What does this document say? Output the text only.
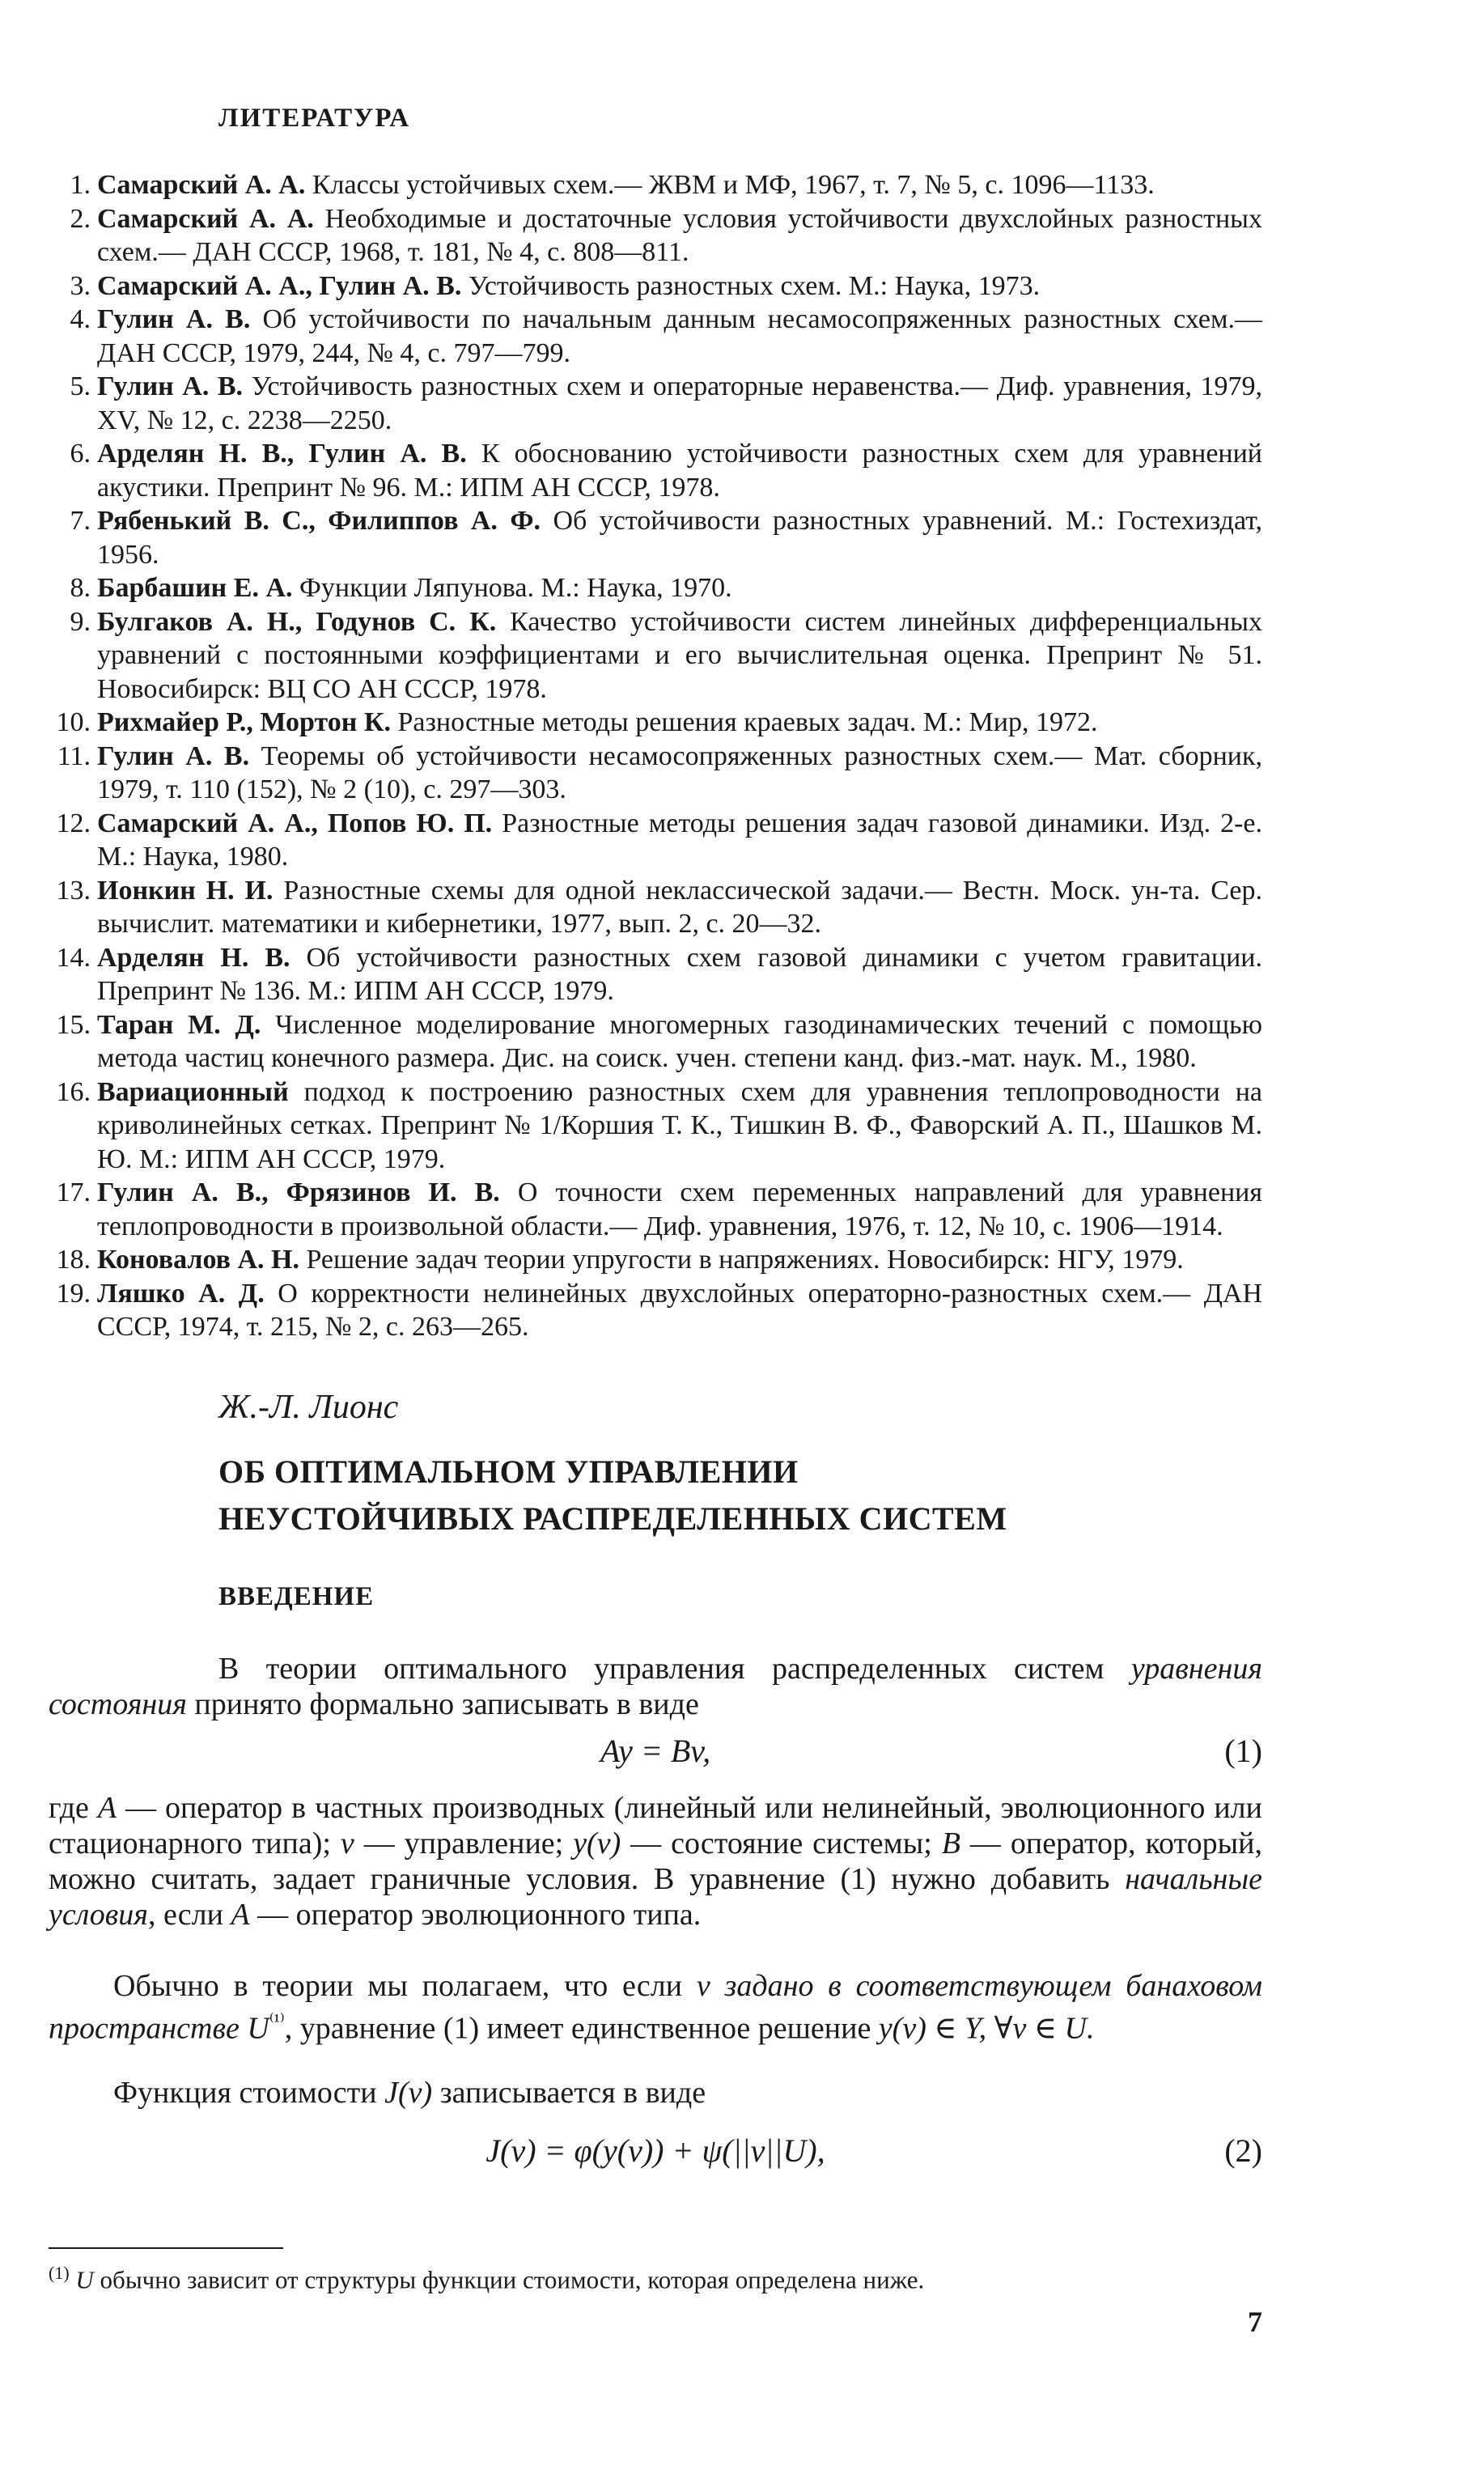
ЛИТЕРАТУРА
1. Самарский А. А. Классы устойчивых схем.— ЖВМ и МФ, 1967, т. 7, № 5, с. 1096—1133.
2. Самарский А. А. Необходимые и достаточные условия устойчивости двухслойных разностных схем.— ДАН СССР, 1968, т. 181, № 4, с. 808—811.
3. Самарский А. А., Гулин А. В. Устойчивость разностных схем. М.: Наука, 1973.
4. Гулин А. В. Об устойчивости по начальным данным несамосопряженных разностных схем.— ДАН СССР, 1979, 244, № 4, с. 797—799.
5. Гулин А. В. Устойчивость разностных схем и операторные неравенства.— Диф. уравнения, 1979, XV, № 12, с. 2238—2250.
6. Арделян Н. В., Гулин А. В. К обоснованию устойчивости разностных схем для уравнений акустики. Препринт № 96. М.: ИПМ АН СССР, 1978.
7. Рябенький В. С., Филиппов А. Ф. Об устойчивости разностных уравнений. М.: Гостехиздат, 1956.
8. Барбашин Е. А. Функции Ляпунова. М.: Наука, 1970.
9. Булгаков А. Н., Годунов С. К. Качество устойчивости систем линейных дифференциальных уравнений с постоянными коэффициентами и его вычислительная оценка. Препринт № 51. Новосибирск: ВЦ СО АН СССР, 1978.
10. Рихмайер Р., Мортон К. Разностные методы решения краевых задач. М.: Мир, 1972.
11. Гулин А. В. Теоремы об устойчивости несамосопряженных разностных схем.— Мат. сборник, 1979, т. 110 (152), № 2 (10), с. 297—303.
12. Самарский А. А., Попов Ю. П. Разностные методы решения задач газовой динамики. Изд. 2-е. М.: Наука, 1980.
13. Ионкин Н. И. Разностные схемы для одной неклассической задачи.— Вестн. Моск. ун-та. Сер. вычислит. математики и кибернетики, 1977, вып. 2, с. 20—32.
14. Арделян Н. В. Об устойчивости разностных схем газовой динамики с учетом гравитации. Препринт № 136. М.: ИПМ АН СССР, 1979.
15. Таран М. Д. Численное моделирование многомерных газодинамических течений с помощью метода частиц конечного размера. Дис. на соиск. учен. степени канд. физ.-мат. наук. М., 1980.
16. Вариационный подход к построению разностных схем для уравнения теплопроводности на криволинейных сетках. Препринт № 1/Коршия Т. К., Тишкин В. Ф., Фаворский А. П., Шашков М. Ю. М.: ИПМ АН СССР, 1979.
17. Гулин А. В., Фрязинов И. В. О точности схем переменных направлений для уравнения теплопроводности в произвольной области.— Диф. уравнения, 1976, т. 12, № 10, с. 1906—1914.
18. Коновалов А. Н. Решение задач теории упругости в напряжениях. Новосибирск: НГУ, 1979.
19. Ляшко А. Д. О корректности нелинейных двухслойных операторно-разностных схем.— ДАН СССР, 1974, т. 215, № 2, с. 263—265.
Ж.-Л. Лионс
ОБ ОПТИМАЛЬНОМ УПРАВЛЕНИИ
НЕУСТОЙЧИВЫХ РАСПРЕДЕЛЕННЫХ СИСТЕМ
ВВЕДЕНИЕ
В теории оптимального управления распределенных систем уравнения состояния принято формально записывать в виде
Ay = Bv,	(1)
где A — оператор в частных производных (линейный или нелинейный, эволюционного или стационарного типа); v — управление; y(v) — состояние системы; B — оператор, который, можно считать, задает граничные условия. В уравнение (1) нужно добавить начальные условия, если A — оператор эволюционного типа.
Обычно в теории мы полагаем, что если v задано в соответствующем банаховом пространстве $U^{^{(1)}}$, уравнение (1) имеет единственное решение y(v) ∈ Y, ∀v ∈ U.
Функция стоимости J(v) записывается в виде
J(v) = φ(y(v)) + ψ(||v||U),	(2)
$^{(1)}$ U обычно зависит от структуры функции стоимости, которая определена ниже.
7
